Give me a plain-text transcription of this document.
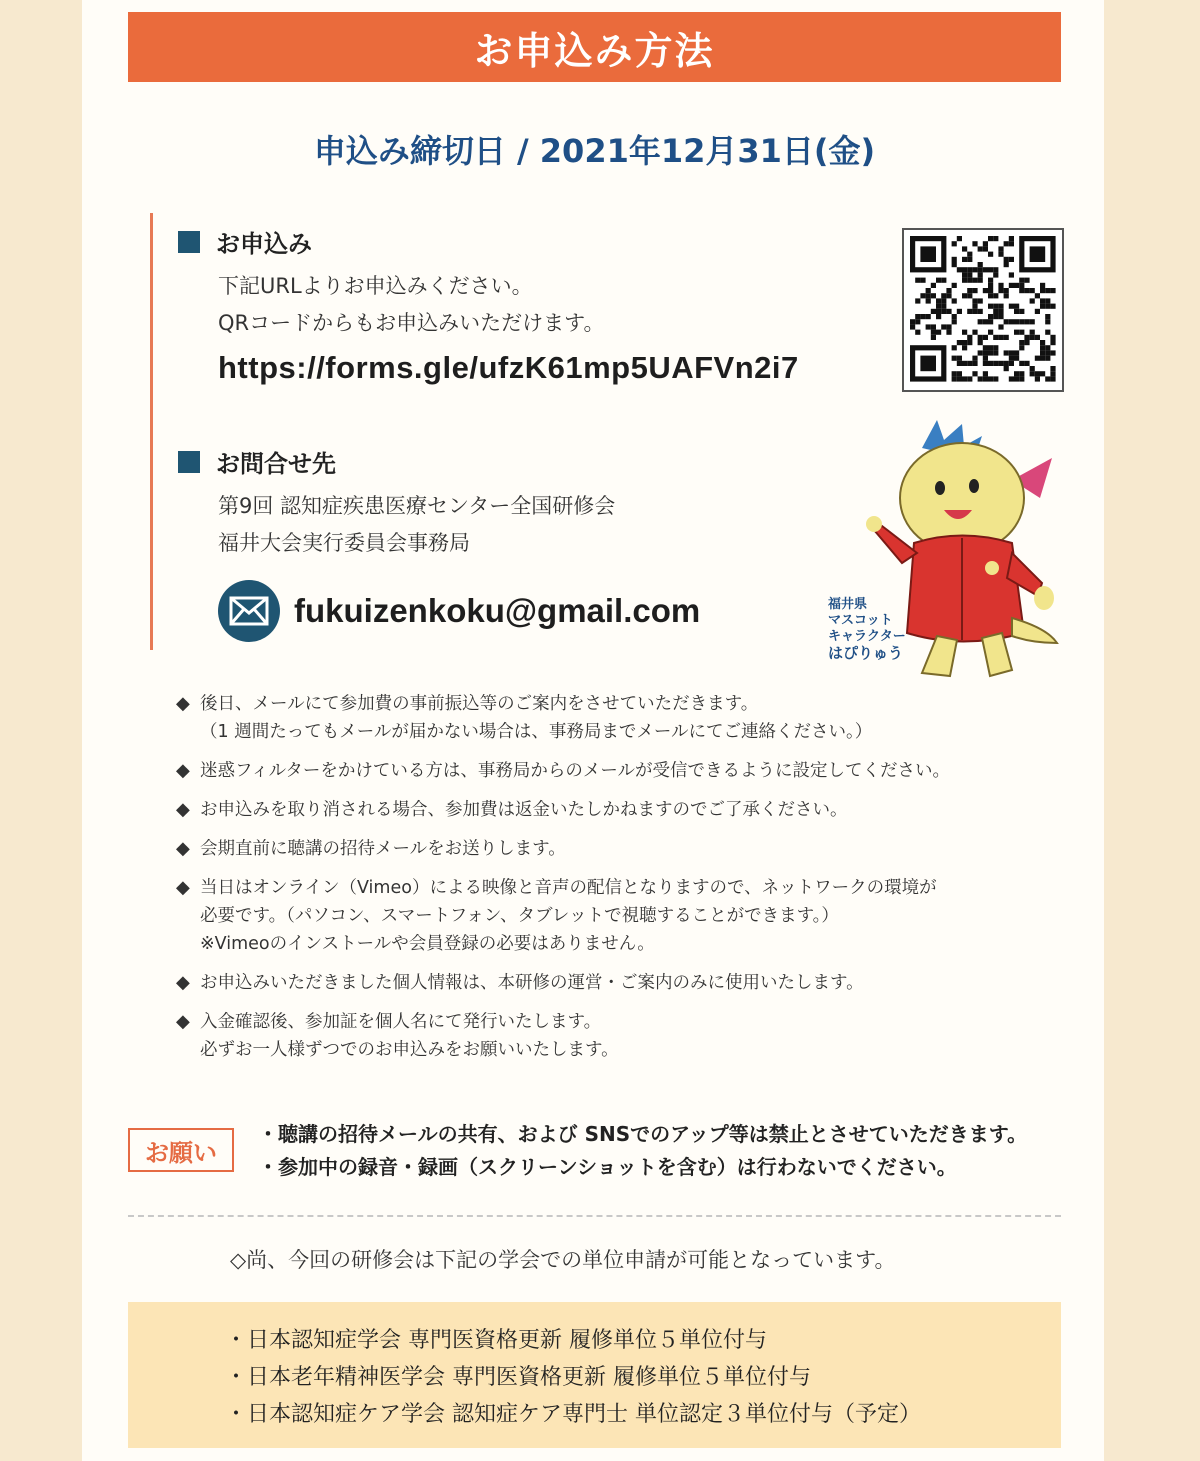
お申込み方法
申込み締切日 / 2021年12月31日(金)
お申込み
下記URLよりお申込みください。
QRコードからもお申込みいただけます。
https://forms.gle/ufzK61mp5UAFVn2i7
お問合せ先
第9回 認知症疾患医療センター全国研修会
福井大会実行委員会事務局
fukuizenkoku@gmail.com	福井県
マスコット
キャラクター
はぴりゅう
◆ 後日、メールにて参加費の事前振込等のご案内をさせていただきます。
（1 週間たってもメールが届かない場合は、事務局までメールにてご連絡ください。）
◆ 迷惑フィルターをかけている方は、事務局からのメールが受信できるように設定してください。
◆ お申込みを取り消される場合、参加費は返金いたしかねますのでご了承ください。
◆ 会期直前に聴講の招待メールをお送りします。
◆ 当日はオンライン（Vimeo）による映像と音声の配信となりますので、ネットワークの環境が
必要です。（パソコン、スマートフォン、タブレットで視聴することができます。）
※Vimeoのインストールや会員登録の必要はありません。
◆ お申込みいただきました個人情報は、本研修の運営・ご案内のみに使用いたします。
◆ 入金確認後、参加証を個人名にて発行いたします。
必ずお一人様ずつでのお申込みをお願いいたします。
お願い
・聴講の招待メールの共有、および SNSでのアップ等は禁止とさせていただきます。
・参加中の録音・録画（スクリーンショットを含む）は行わないでください。
◇尚、今回の研修会は下記の学会での単位申請が可能となっています。
・日本認知症学会 専門医資格更新 履修単位５単位付与
・日本老年精神医学会 専門医資格更新 履修単位５単位付与
・日本認知症ケア学会 認知症ケア専門士 単位認定３単位付与（予定）
